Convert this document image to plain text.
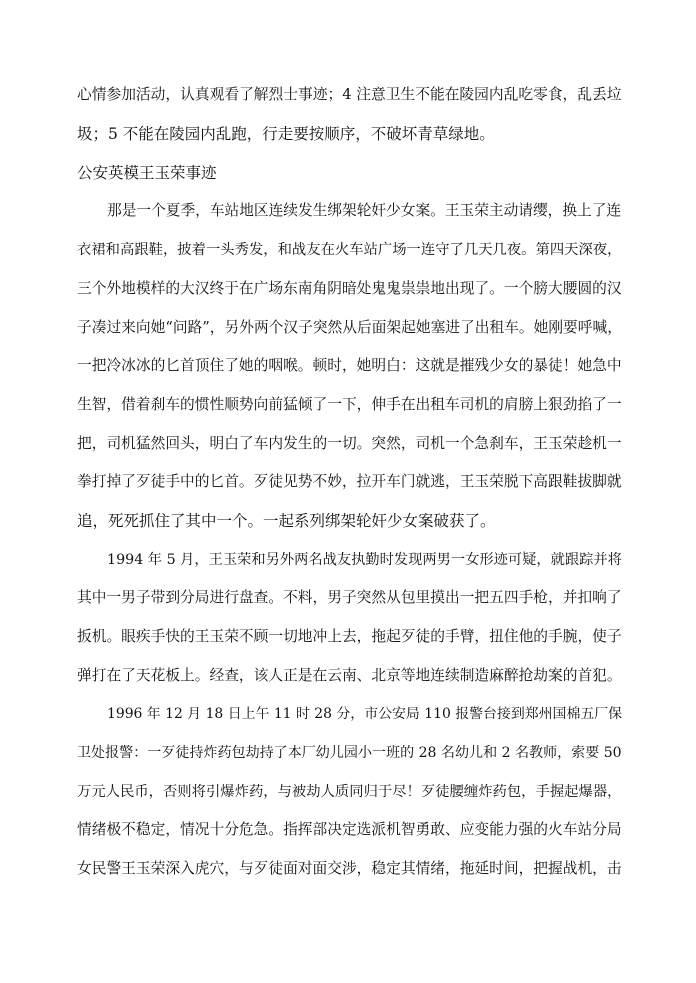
心情参加活动，认真观看了解烈士事迹；4 注意卫生不能在陵园内乱吃零食，乱丢垃
圾；5 不能在陵园内乱跑，行走要按顺序，不破坏青草绿地。
公安英模王玉荣事迹
那是一个夏季，车站地区连续发生绑架轮奸少女案。王玉荣主动请缨，换上了连
衣裙和高跟鞋，披着一头秀发，和战友在火车站广场一连守了几天几夜。第四天深夜，
三个外地模样的大汉终于在广场东南角阴暗处鬼鬼祟祟地出现了。一个膀大腰圆的汉
子凑过来向她“问路”，另外两个汉子突然从后面架起她塞进了出租车。她刚要呼喊，
一把冷冰冰的匕首顶住了她的咽喉。顿时，她明白：这就是摧残少女的暴徒！她急中
生智，借着刹车的惯性顺势向前猛倾了一下，伸手在出租车司机的肩膀上狠劲掐了一
把，司机猛然回头，明白了车内发生的一切。突然，司机一个急刹车，王玉荣趁机一
拳打掉了歹徒手中的匕首。歹徒见势不妙，拉开车门就逃，王玉荣脱下高跟鞋拔脚就
追，死死抓住了其中一个。一起系列绑架轮奸少女案破获了。
1994 年 5 月，王玉荣和另外两名战友执勤时发现两男一女形迹可疑，就跟踪并将
其中一男子带到分局进行盘查。不料，男子突然从包里摸出一把五四手枪，并扣响了
扳机。眼疾手快的王玉荣不顾一切地冲上去，拖起歹徒的手臂，扭住他的手腕，使子
弹打在了天花板上。经查，该人正是在云南、北京等地连续制造麻醉抢劫案的首犯。
1996 年 12 月 18 日上午 11 时 28 分，市公安局 110 报警台接到郑州国棉五厂保
卫处报警：一歹徒持炸药包劫持了本厂幼儿园小一班的 28 名幼儿和 2 名教师，索要 50
万元人民币，否则将引爆炸药，与被劫人质同归于尽！歹徒腰缠炸药包，手握起爆器，
情绪极不稳定，情况十分危急。指挥部决定选派机智勇敢、应变能力强的火车站分局
女民警王玉荣深入虎穴，与歹徒面对面交涉，稳定其情绪，拖延时间，把握战机，击
